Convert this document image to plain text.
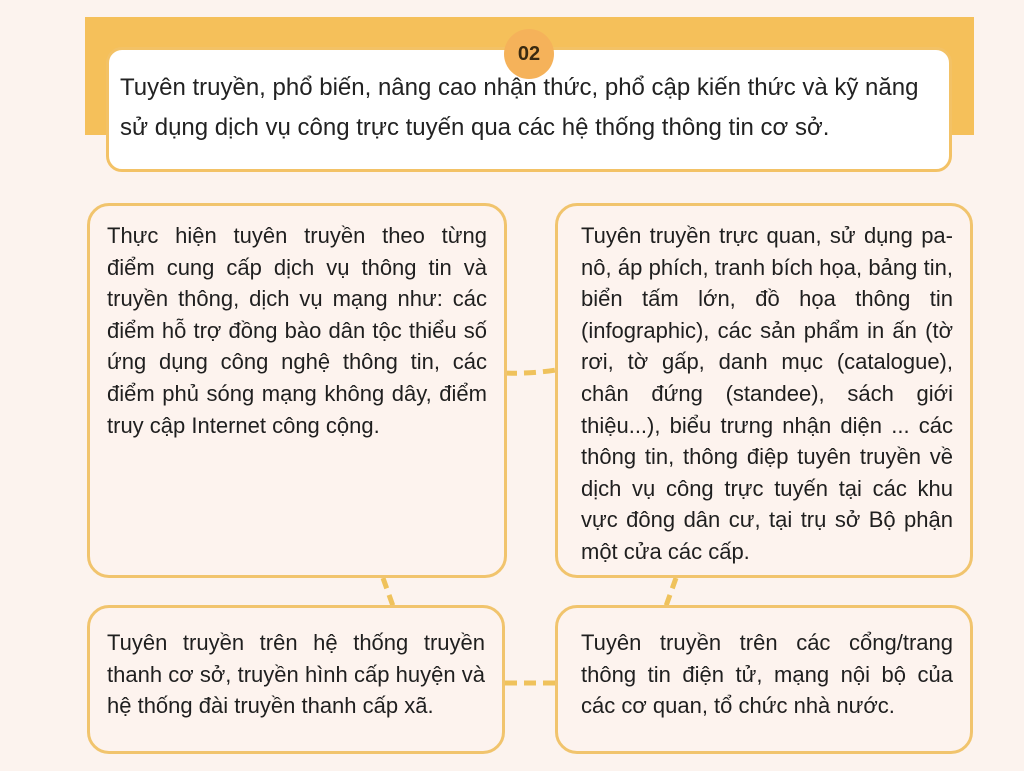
02
Tuyên truyền, phổ biến, nâng cao nhận thức, phổ cập kiến thức và kỹ năng sử dụng dịch vụ công trực tuyến qua các hệ thống thông tin cơ sở.
Thực hiện tuyên truyền theo từng điểm cung cấp dịch vụ thông tin và truyền thông, dịch vụ mạng như: các điểm hỗ trợ đồng bào dân tộc thiểu số ứng dụng công nghệ thông tin, các điểm phủ sóng mạng không dây, điểm truy cập Internet công cộng.
Tuyên truyền trực quan, sử dụng pa-nô, áp phích, tranh bích họa, bảng tin, biển tấm lớn, đồ họa thông tin (infographic), các sản phẩm in ấn (tờ rơi, tờ gấp, danh mục (catalogue), chân đứng (standee), sách giới thiệu...), biểu trưng nhận diện ... các thông tin, thông điệp tuyên truyền về dịch vụ công trực tuyến tại các khu vực đông dân cư, tại trụ sở Bộ phận một cửa các cấp.
Tuyên truyền trên hệ thống truyền thanh cơ sở, truyền hình cấp huyện và hệ thống đài truyền thanh cấp xã.
Tuyên truyền trên các cổng/trang thông tin điện tử, mạng nội bộ của các cơ quan, tổ chức nhà nước.
